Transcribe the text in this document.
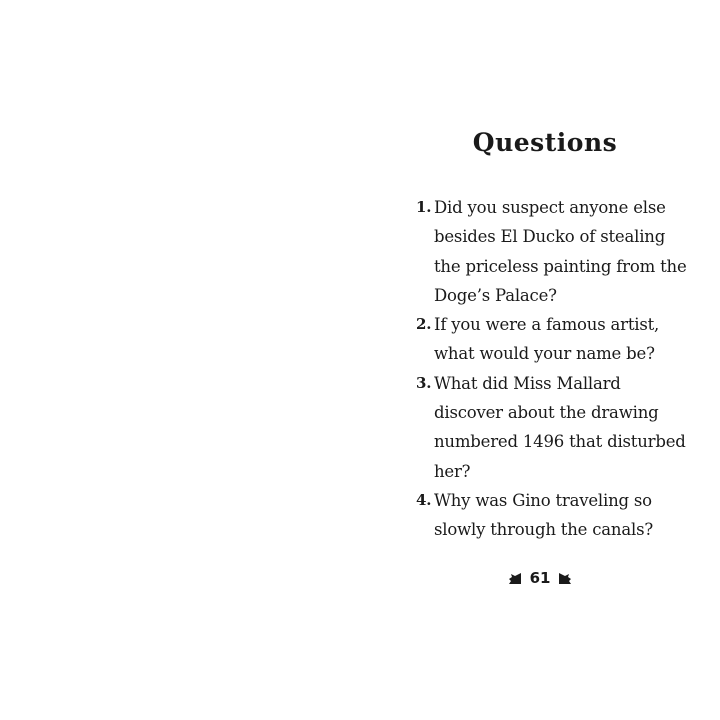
Questions
1. Did you suspect anyone else
besides El Ducko of stealing
the priceless painting from the
Doge’s Palace?
2. If you were a famous artist,
what would your name be?
3. What did Miss Mallard
discover about the drawing
numbered 1496 that disturbed
her?
4. Why was Gino traveling so
slowly through the canals?
61
